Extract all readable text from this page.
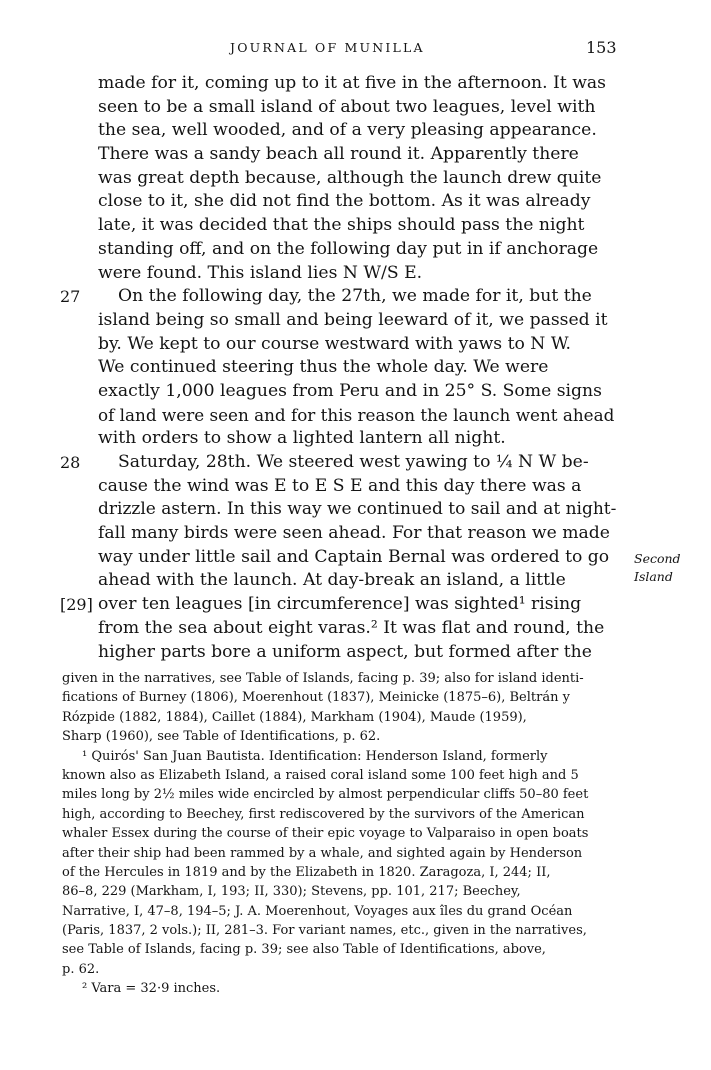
JOURNAL OF MUNILLA	153
Second
Island
made for it, coming up to it at five in the afternoon. It was
seen to be a small island of about two leagues, level with
the sea, well wooded, and of a very pleasing appearance.
There was a sandy beach all round it. Apparently there
was great depth because, although the launch drew quite
close to it, she did not find the bottom. As it was already
late, it was decided that the ships should pass the night
standing off, and on the following day put in if anchorage
were found. This island lies N W/S E.
27 On the following day, the 27th, we made for it, but the
island being so small and being leeward of it, we passed it
by. We kept to our course westward with yaws to N W.
We continued steering thus the whole day. We were
exactly 1,000 leagues from Peru and in 25° S. Some signs
of land were seen and for this reason the launch went ahead
with orders to show a lighted lantern all night.
28 Saturday, 28th. We steered west yawing to ¼ N W be-
cause the wind was E to E S E and this day there was a
drizzle astern. In this way we continued to sail and at night-
fall many birds were seen ahead. For that reason we made
way under little sail and Captain Bernal was ordered to go
ahead with the launch. At day-break an island, a little
[29] over ten leagues [in circumference] was sighted¹ rising
from the sea about eight varas.² It was flat and round, the
higher parts bore a uniform aspect, but formed after the
given in the narratives, see Table of Islands, facing p. 39; also for island identi-
fications of Burney (1806), Moerenhout (1837), Meinicke (1875–6), Beltrán y
Rózpide (1882, 1884), Caillet (1884), Markham (1904), Maude (1959),
Sharp (1960), see Table of Identifications, p. 62.
¹ Quirós' San Juan Bautista. Identification: Henderson Island, formerly
known also as Elizabeth Island, a raised coral island some 100 feet high and 5
miles long by 2½ miles wide encircled by almost perpendicular cliffs 50–80 feet
high, according to Beechey, first rediscovered by the survivors of the American
whaler Essex during the course of their epic voyage to Valparaiso in open boats
after their ship had been rammed by a whale, and sighted again by Henderson
of the Hercules in 1819 and by the Elizabeth in 1820. Zaragoza, I, 244; II,
86–8, 229 (Markham, I, 193; II, 330); Stevens, pp. 101, 217; Beechey,
Narrative, I, 47–8, 194–5; J. A. Moerenhout, Voyages aux îles du grand Océan
(Paris, 1837, 2 vols.); II, 281–3. For variant names, etc., given in the narratives,
see Table of Islands, facing p. 39; see also Table of Identifications, above,
p. 62.
² Vara = 32·9 inches.
